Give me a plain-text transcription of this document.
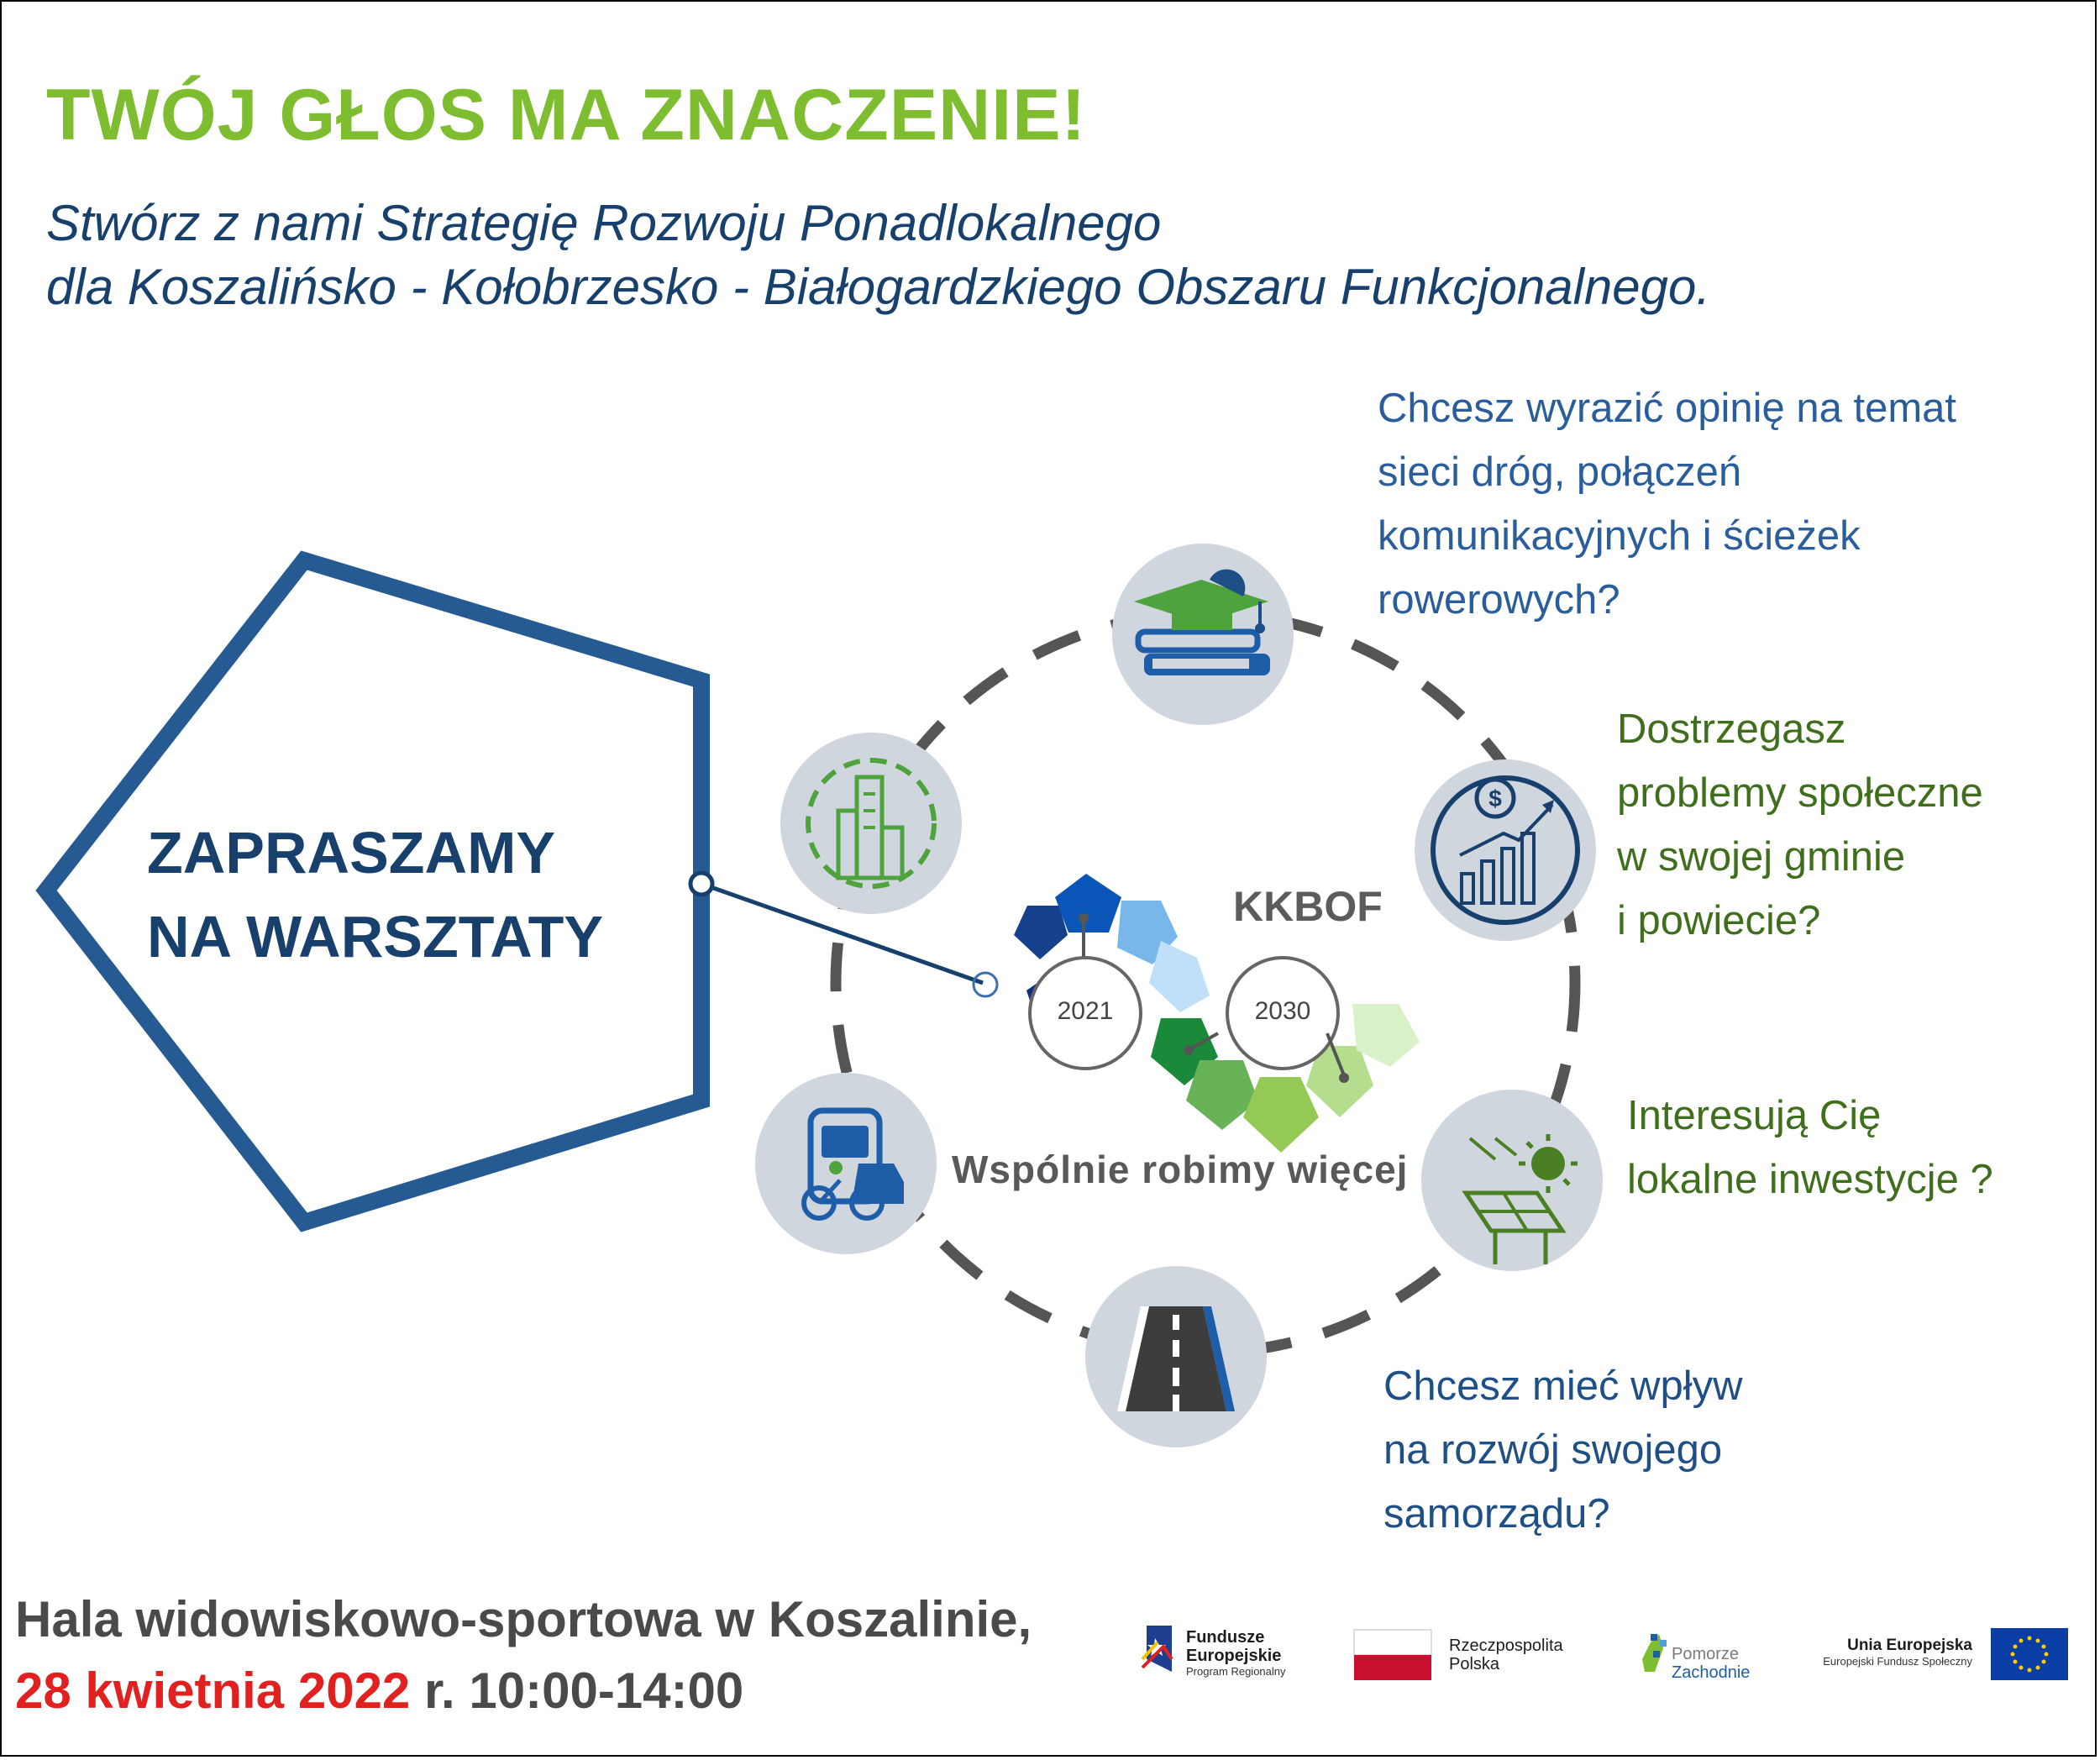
TWÓJ GŁOS MA ZNACZENIE!
Stwórz z nami Strategię Rozwoju Ponadlokalnego
dla Koszalińsko - Kołobrzesko - Białogardzkiego Obszaru Funkcjonalnego.
$
ZAPRASZAMY
NA WARSZTATY
Chcesz wyrazić opinię na temat
sieci dróg, połączeń
komunikacyjnych i ścieżek
rowerowych?
Dostrzegasz
problemy społeczne
w swojej gminie
i powiecie?
Interesują Cię
lokalne inwestycje ?
Chcesz mieć wpływ
na rozwój swojego
samorządu?
KKBOF
2021	2030
Wspólnie robimy więcej
Hala widowiskowo-sportowa w Koszalinie,
28 kwietnia 2022 r. 10:00-14:00
Fundusze
Europejskie
Program Regionalny
Rzeczpospolita
Polska
Pomorze
Zachodnie
Unia Europejska
Europejski Fundusz Społeczny
